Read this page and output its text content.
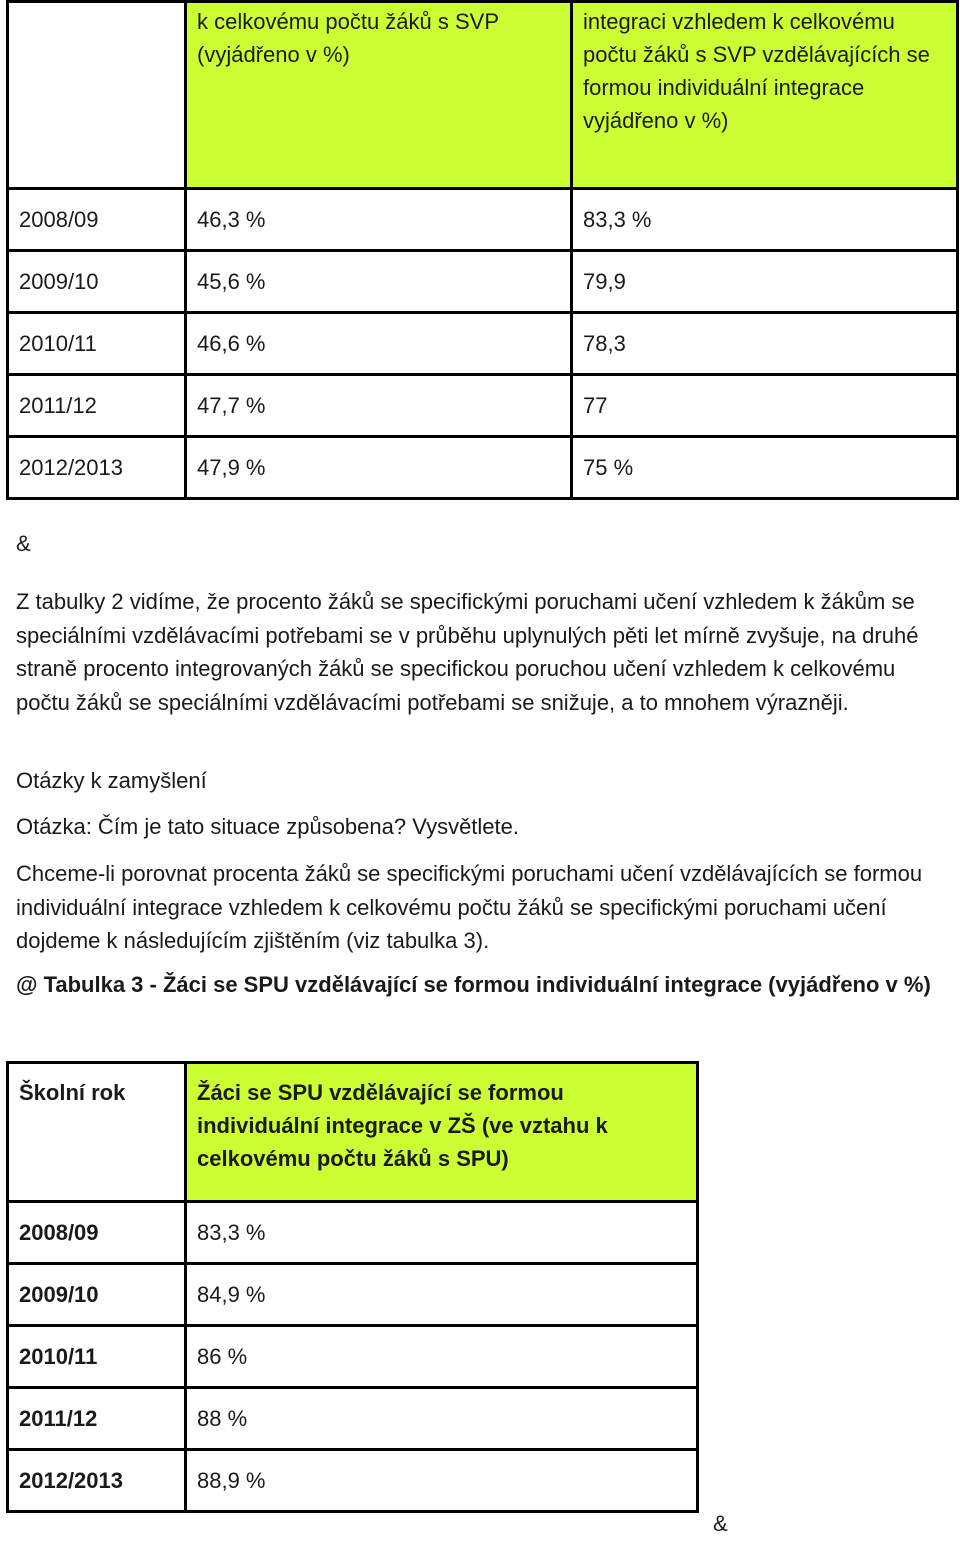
	k celkovému počtu žáků s SVP (vyjádřeno v %)	integraci vzhledem k celkovému počtu žáků s SVP vzdělávajících se formou individuální integrace vyjádřeno v %)
2008/09	46,3 %	83,3 %
2009/10	45,6 %	79,9
2010/11	46,6 %	78,3
2011/12	47,7 %	77
2012/2013	47,9 %	75 %

&

Z tabulky 2 vidíme, že procento žáků se specifickými poruchami učení vzhledem k žákům se speciálními vzdělávacími potřebami se v průběhu uplynulých pěti let mírně zvyšuje, na druhé straně procento integrovaných žáků se specifickou poruchou učení vzhledem k celkovému počtu žáků se speciálními vzdělávacími potřebami se snižuje, a to mnohem výrazněji.

Otázky k zamyšlení

Otázka: Čím je tato situace způsobena? Vysvětlete.

Chceme-li porovnat procenta žáků se specifickými poruchami učení vzdělávajících se formou individuální integrace vzhledem k celkovému počtu žáků se specifickými poruchami učení dojdeme k následujícím zjištěním (viz tabulka 3).

@ Tabulka 3 - Žáci se SPU vzdělávající se formou individuální integrace (vyjádřeno v %)

Školní rok	Žáci se SPU vzdělávající se formou individuální integrace v ZŠ (ve vztahu k celkovému počtu žáků s SPU)
2008/09	83,3 %
2009/10	84,9 %
2010/11	86 %
2011/12	88 %
2012/2013	88,9 %

&
